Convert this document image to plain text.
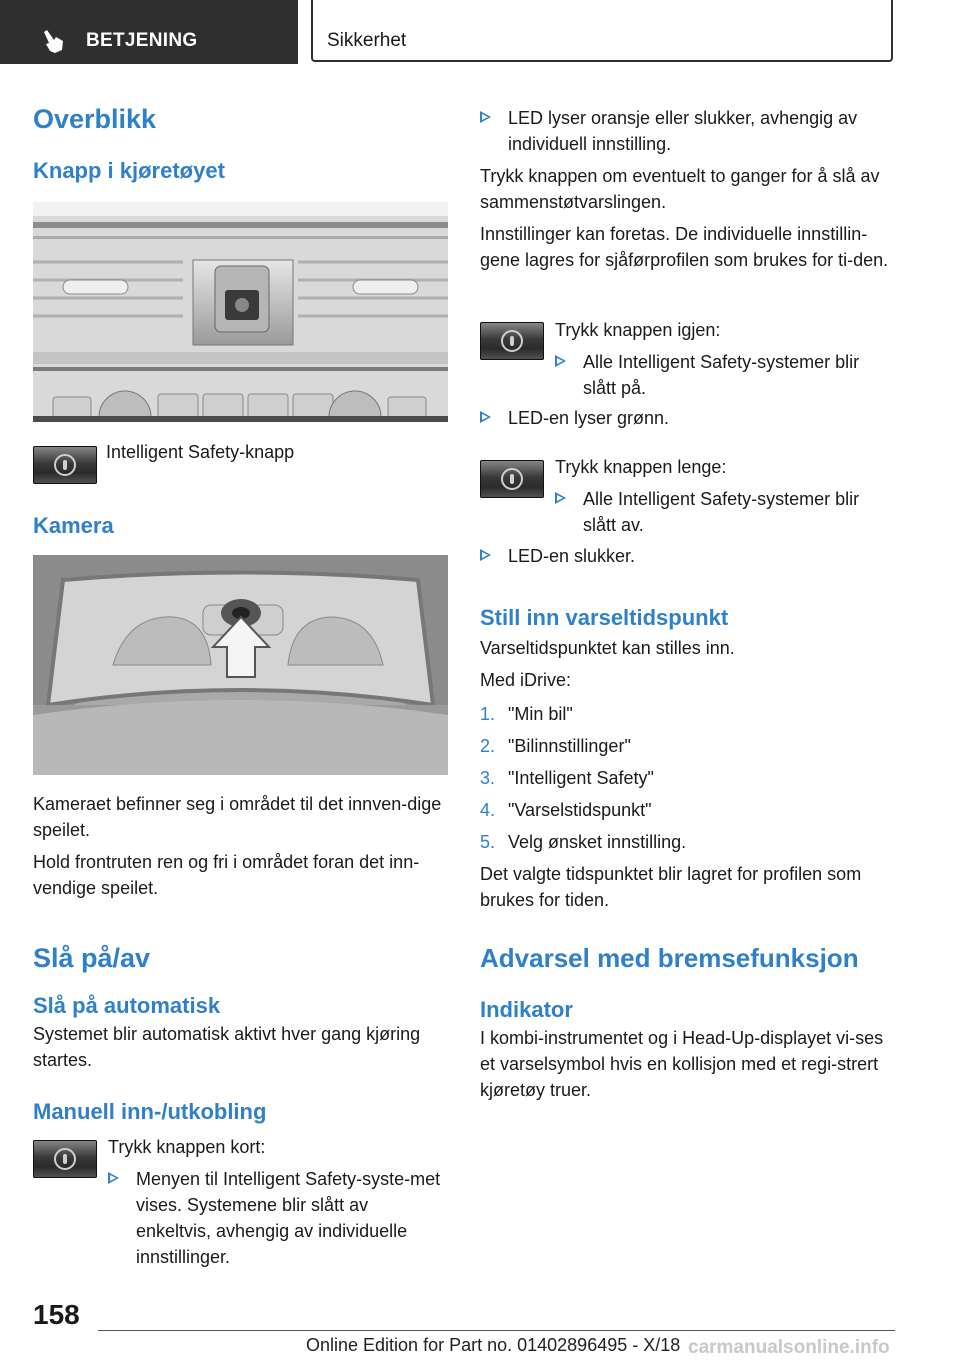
BETJENING	Sikkerhet
Overblikk
Knapp i kjøretøyet

Intelligent Safety-knapp

Kamera

Kameraet befinner seg i området til det innven-dige speilet.

Hold frontruten ren og fri i området foran det inn-vendige speilet.

Slå på/av
Slå på automatisk

Systemet blir automatisk aktivt hver gang kjøring startes.

Manuell inn-/utkobling

Trykk knappen kort:

Menyen til Intelligent Safety-syste-met vises. Systemene blir slått av enkeltvis, avhengig av individuelle innstillinger.
LED lyser oransje eller slukker, avhengig av individuell innstilling.

Trykk knappen om eventuelt to ganger for å slå av sammenstøtvarslingen.

Innstillinger kan foretas. De individuelle innstillin-gene lagres for sjåførprofilen som brukes for ti-den.

Trykk knappen igjen:

Alle Intelligent Safety-systemer blir slått på.
LED-en lyser grønn.

Trykk knappen lenge:

Alle Intelligent Safety-systemer blir slått av.
LED-en slukker.
Still inn varseltidspunkt

Varseltidspunktet kan stilles inn.

Med iDrive:

1. "Min bil"
2. "Bilinnstillinger"
3. "Intelligent Safety"
4. "Varselstidspunkt"
5. Velg ønsket innstilling.

Det valgte tidspunktet blir lagret for profilen som brukes for tiden.

Advarsel med bremsefunksjon
Indikator

I kombi-instrumentet og i Head-Up-displayet vi-ses et varselsymbol hvis en kollisjon med et regi-strert kjøretøy truer.

158
Online Edition for Part no. 01402896495 - X/18 carmanualsonline.info
